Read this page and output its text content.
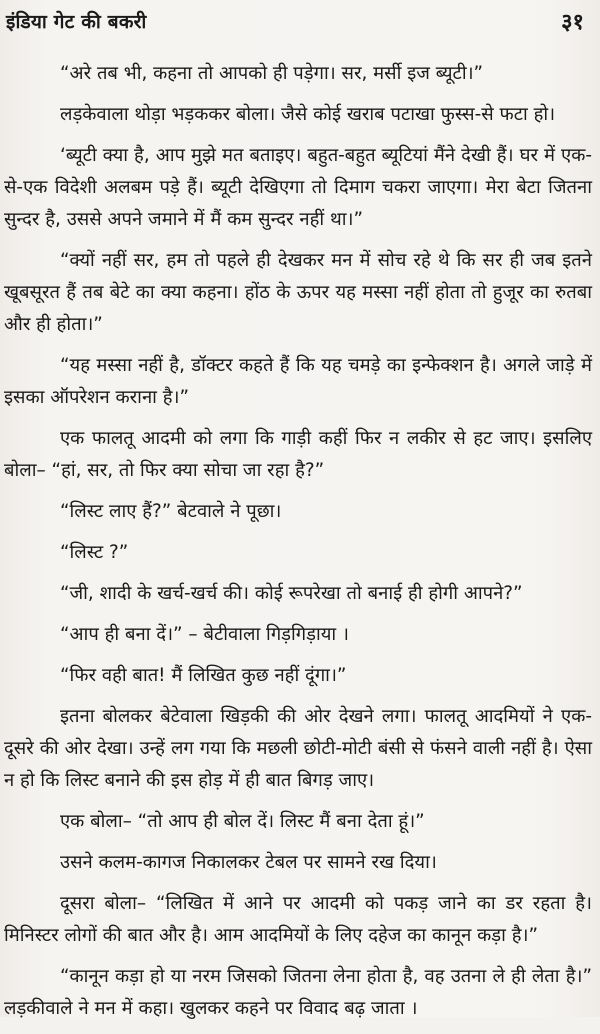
इंडिया गेट की बकरी	३१

“अरे तब भी, कहना तो आपको ही पड़ेगा। सर, मर्सी इज ब्यूटी।”

लड़केवाला थोड़ा भड़ककर बोला। जैसे कोई खराब पटाखा फुस्स-से फटा हो।

‘ब्यूटी क्या है, आप मुझे मत बताइए। बहुत-बहुत ब्यूटियां मैंने देखी हैं। घर में एक-से-एक विदेशी अलबम पड़े हैं। ब्यूटी देखिएगा तो दिमाग चकरा जाएगा। मेरा बेटा जितना सुन्दर है, उससे अपने जमाने में मैं कम सुन्दर नहीं था।”

“क्यों नहीं सर, हम तो पहले ही देखकर मन में सोच रहे थे कि सर ही जब इतने खूबसूरत हैं तब बेटे का क्या कहना। होंठ के ऊपर यह मस्सा नहीं होता तो हुजूर का रुतबा और ही होता।”

“यह मस्सा नहीं है, डॉक्टर कहते हैं कि यह चमड़े का इन्फेक्शन है। अगले जाड़े में इसका ऑपरेशन कराना है।”

एक फालतू आदमी को लगा कि गाड़ी कहीं फिर न लकीर से हट जाए। इसलिए बोला– “हां, सर, तो फिर क्या सोचा जा रहा है?”

“लिस्ट लाए हैं?” बेटवाले ने पूछा।

“लिस्ट ?”

“जी, शादी के खर्च-खर्च की। कोई रूपरेखा तो बनाई ही होगी आपने?”

“आप ही बना दें।” – बेटीवाला गिड़गिड़ाया ।

“फिर वही बात! मैं लिखित कुछ नहीं दूंगा।”

इतना बोलकर बेटेवाला खिड़की की ओर देखने लगा। फालतू आदमियों ने एक-दूसरे की ओर देखा। उन्हें लग गया कि मछली छोटी-मोटी बंसी से फंसने वाली नहीं है। ऐसा न हो कि लिस्ट बनाने की इस होड़ में ही बात बिगड़ जाए।

एक बोला– “तो आप ही बोल दें। लिस्ट मैं बना देता हूं।”

उसने कलम-कागज निकालकर टेबल पर सामने रख दिया।

दूसरा बोला– “लिखित में आने पर आदमी को पकड़ जाने का डर रहता है। मिनिस्टर लोगों की बात और है। आम आदमियों के लिए दहेज का कानून कड़ा है।”

“कानून कड़ा हो या नरम जिसको जितना लेना होता है, वह उतना ले ही लेता है।” लड़कीवाले ने मन में कहा। खुलकर कहने पर विवाद बढ़ जाता ।
